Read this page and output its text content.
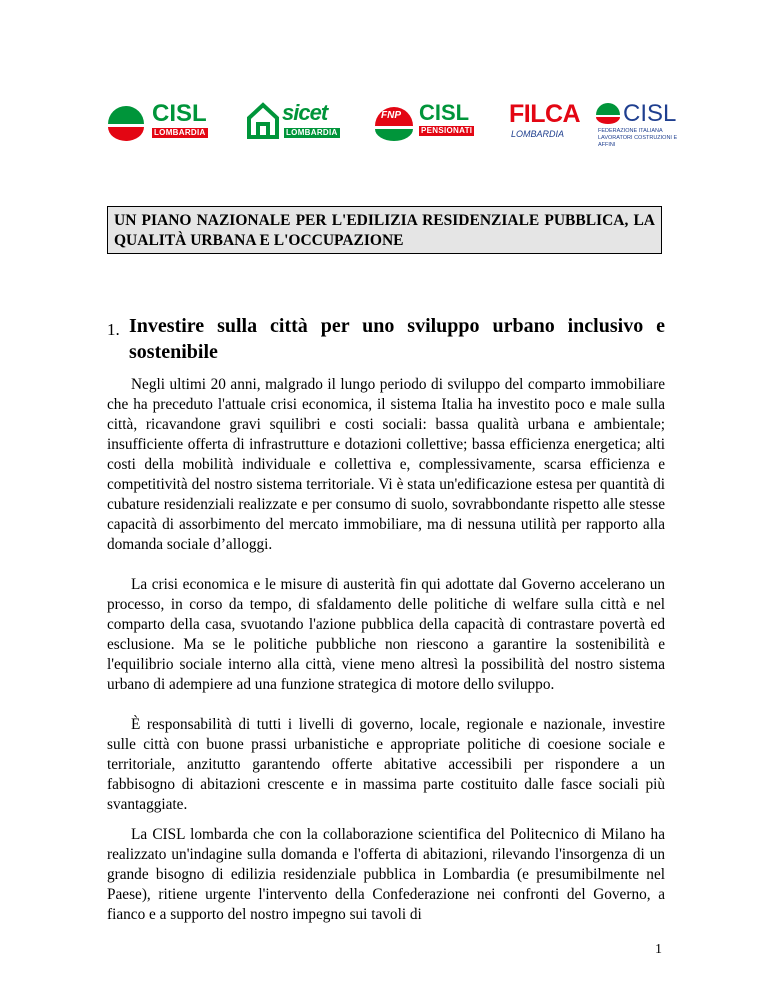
CISL
LOMBARDIA
sicet
LOMBARDIA
FNP CISL
PENSIONATI
FILCA
LOMBARDIA
CISL
FEDERAZIONE ITALIANA LAVORATORI COSTRUZIONI E AFFINI
UN PIANO NAZIONALE PER L'EDILIZIA RESIDENZIALE PUBBLICA, LA QUALITÀ URBANA E L'OCCUPAZIONE
1. Investire sulla città per uno sviluppo urbano inclusivo e sostenibile

Negli ultimi 20 anni, malgrado il lungo periodo di sviluppo del comparto immobiliare che ha preceduto l'attuale crisi economica, il sistema Italia ha investito poco e male sulla città, ricavandone gravi squilibri e costi sociali: bassa qualità urbana e ambientale; insufficiente offerta di infrastrutture e dotazioni collettive; bassa efficienza energetica; alti costi della mobilità individuale e collettiva e, complessivamente, scarsa efficienza e competitività del nostro sistema territoriale. Vi è stata un'edificazione estesa per quantità di cubature residenziali realizzate e per consumo di suolo, sovrabbondante rispetto alle stesse capacità di assorbimento del mercato immobiliare, ma di nessuna utilità per rapporto alla domanda sociale d’alloggi.

La crisi economica e le misure di austerità fin qui adottate dal Governo accelerano un processo, in corso da tempo, di sfaldamento delle politiche di welfare sulla città e nel comparto della casa, svuotando l'azione pubblica della capacità di contrastare povertà ed esclusione. Ma se le politiche pubbliche non riescono a garantire la sostenibilità e l'equilibrio sociale interno alla città, viene meno altresì la possibilità del nostro sistema urbano di adempiere ad una funzione strategica di motore dello sviluppo.

È responsabilità di tutti i livelli di governo, locale, regionale e nazionale, investire sulle città con buone prassi urbanistiche e appropriate politiche di coesione sociale e territoriale, anzitutto garantendo offerte abitative accessibili per rispondere a un fabbisogno di abitazioni crescente e in massima parte costituito dalle fasce sociali più svantaggiate.

La CISL lombarda che con la collaborazione scientifica del Politecnico di Milano ha realizzato un'indagine sulla domanda e l'offerta di abitazioni, rilevando l'insorgenza di un grande bisogno di edilizia residenziale pubblica in Lombardia (e presumibilmente nel Paese), ritiene urgente l'intervento della Confederazione nei confronti del Governo, a fianco e a supporto del nostro impegno sui tavoli di

1
